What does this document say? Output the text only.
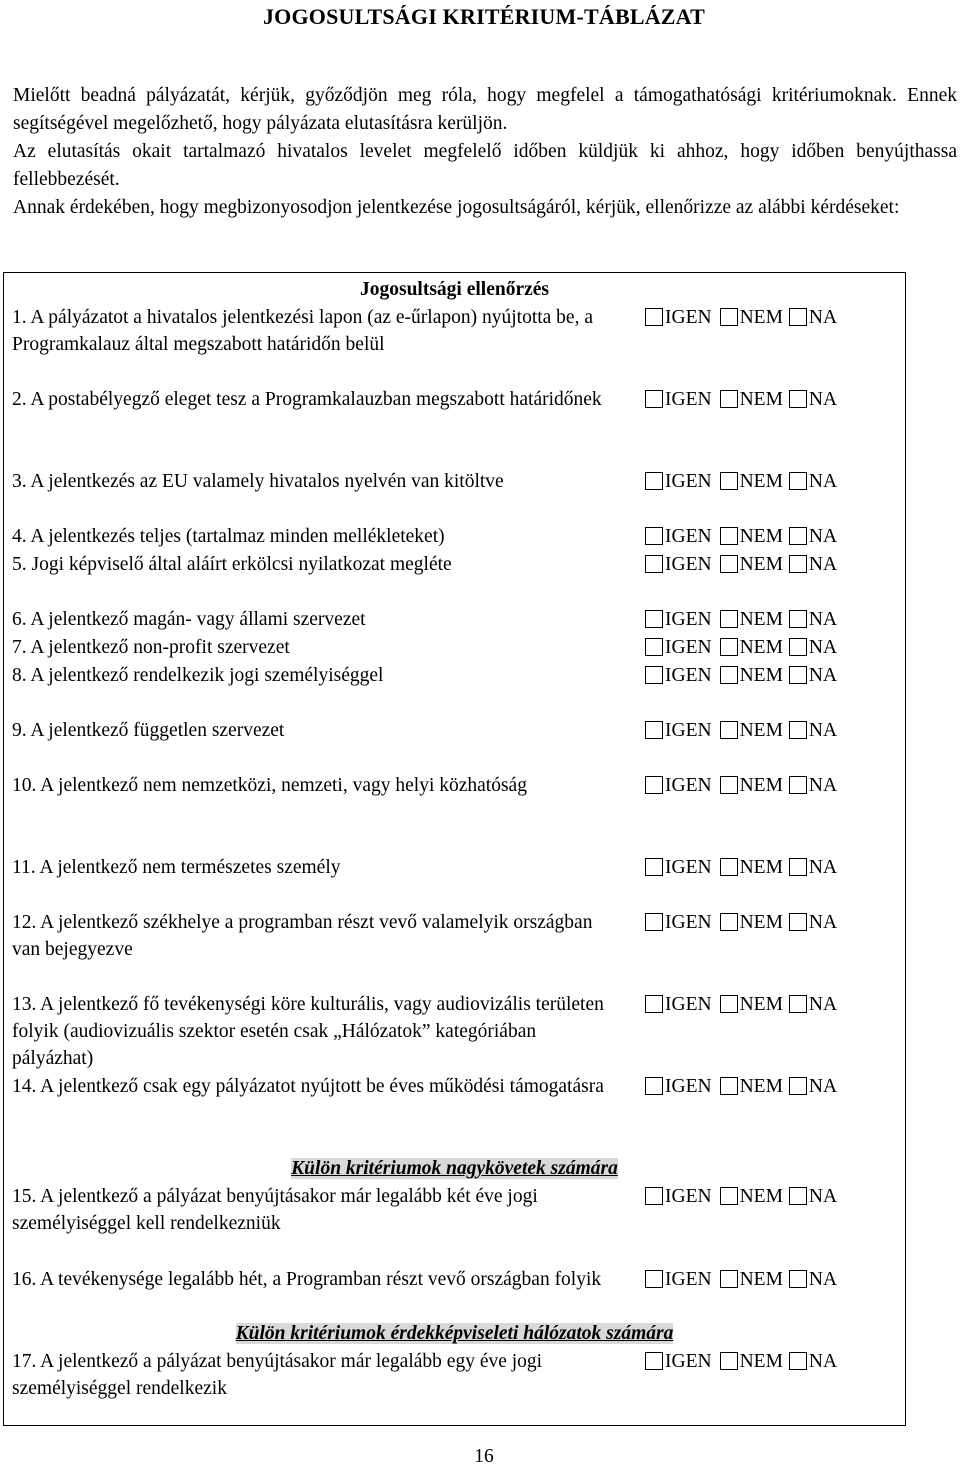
JOGOSULTSÁGI KRITÉRIUM-TÁBLÁZAT

Mielőtt beadná pályázatát, kérjük, győződjön meg róla, hogy megfelel a támogathatósági kritériumoknak. Ennek segítségével megelőzhető, hogy pályázata elutasításra kerüljön.

Az elutasítás okait tartalmazó hivatalos levelet megfelelő időben küldjük ki ahhoz, hogy időben benyújthassa fellebbezését.

Annak érdekében, hogy megbizonyosodjon jelentkezése jogosultságáról, kérjük, ellenőrizze az alábbi kérdéseket:

Jogosultsági ellenőrzés
Külön kritériumok nagykövetek számára
Külön kritériumok érdekképviseleti hálózatok számára
1. A pályázatot a hivatalos jelentkezési lapon (az e-űrlapon) nyújtotta be, a Programkalauz által megszabott határidőn belül
IGEN NEM NA
2. A postabélyegző eleget tesz a Programkalauzban megszabott határidőnek	IGEN NEM NA
3. A jelentkezés az EU valamely hivatalos nyelvén van kitöltve	IGEN NEM NA
4. A jelentkezés teljes (tartalmaz minden mellékleteket)	IGEN NEM NA
5. Jogi képviselő által aláírt erkölcsi nyilatkozat megléte	IGEN NEM NA
6. A jelentkező magán- vagy állami szervezet	IGEN NEM NA
7. A jelentkező non-profit szervezet	IGEN NEM NA
8. A jelentkező rendelkezik jogi személyiséggel	IGEN NEM NA
9. A jelentkező független szervezet	IGEN NEM NA
10. A jelentkező nem nemzetközi, nemzeti, vagy helyi közhatóság	IGEN NEM NA
11. A jelentkező nem természetes személy	IGEN NEM NA
12. A jelentkező székhelye a programban részt vevő valamelyik országban van bejegyezve
IGEN NEM NA
13. A jelentkező fő tevékenységi köre kulturális, vagy audiovizális területen folyik (audiovizuális szektor esetén csak „Hálózatok” kategóriában pályázhat)
IGEN NEM NA
14. A jelentkező csak egy pályázatot nyújtott be éves működési támogatásra	IGEN NEM NA
15. A jelentkező a pályázat benyújtásakor már legalább két éve jogi személyiséggel kell rendelkezniük
IGEN NEM NA
16. A tevékenysége legalább hét, a Programban részt vevő országban folyik	IGEN NEM NA
17. A jelentkező a pályázat benyújtásakor már legalább egy éve jogi személyiséggel rendelkezik
IGEN NEM NA
16
